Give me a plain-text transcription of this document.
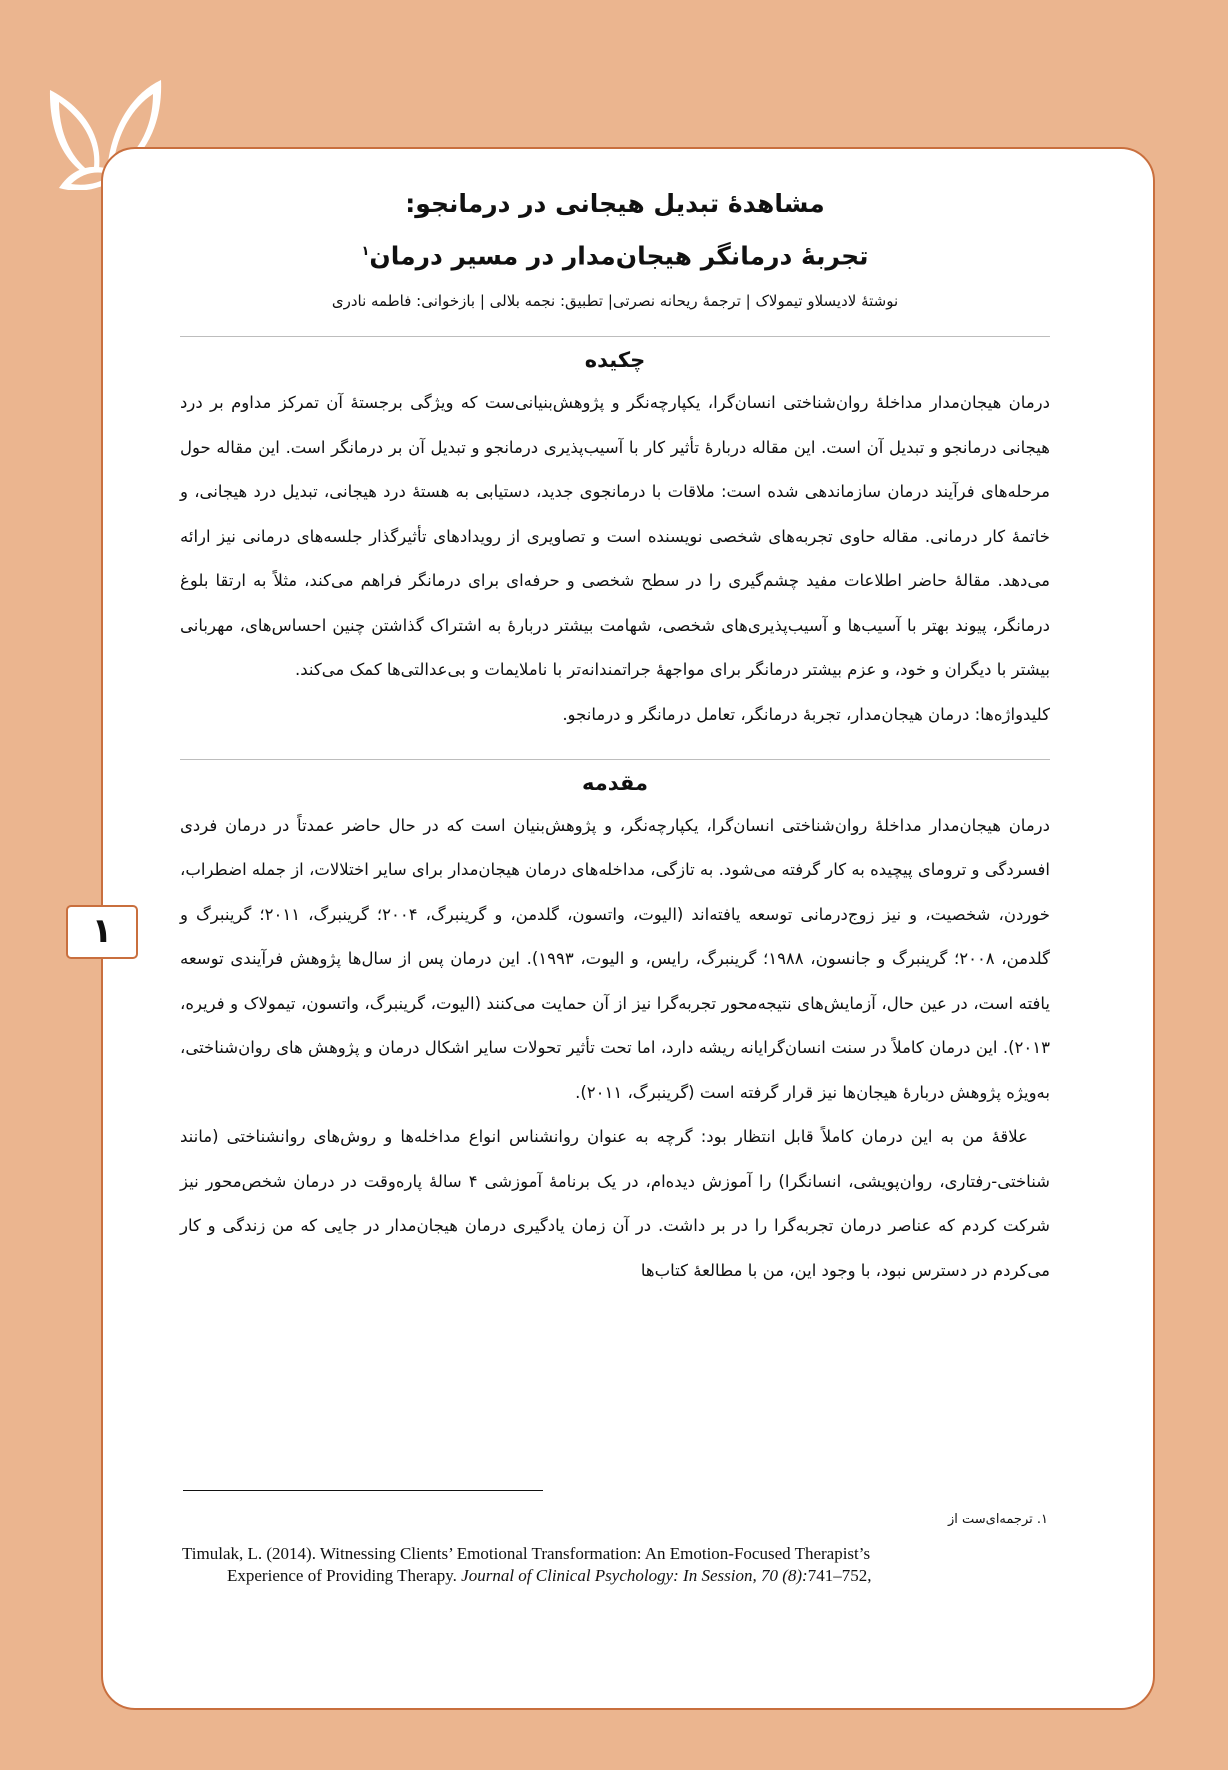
۱
مشاهدۀ تبدیل هیجانی در درمانجو:
تجربۀ درمانگر هیجان‌مدار در مسیر درمان$^۱$

نوشتۀ لادیسلاو تیمولاک | ترجمۀ ریحانه نصرتی| تطبیق: نجمه بلالی | بازخوانی: فاطمه نادری

چکیده

درمان هیجان‌مدار مداخلۀ روان‌شناختی انسان‌گرا، یکپارچه‌نگر و پژوهش‌بنیانی‌ست که ویژگی برجستۀ آن تمرکز مداوم بر درد هیجانی درمانجو و تبدیل آن است. این مقاله دربارۀ تأثیر کار با آسیب‌پذیری درمانجو و تبدیل آن بر درمانگر است. این مقاله حول مرحله‌های فرآیند درمان سازماندهی شده است: ملاقات با درمانجوی جدید، دستیابی به هستۀ درد هیجانی، تبدیل درد هیجانی، و خاتمۀ کار درمانی. مقاله حاوی تجربه‌های شخصی نویسنده است و تصاویری از رویدادهای تأثیرگذار جلسه‌های درمانی نیز ارائه می‌دهد. مقالۀ حاضر اطلاعات مفید چشم‌گیری را در سطح شخصی و حرفه‌ای برای درمانگر فراهم می‌کند، مثلاً به ارتقا بلوغ درمانگر، پیوند بهتر با آسیب‌ها و آسیب‌پذیری‌های شخصی، شهامت بیشتر دربارۀ به اشتراک گذاشتن چنین احساس‌های، مهربانی بیشتر با دیگران و خود، و عزم بیشتر درمانگر برای مواجهۀ جراتمندانه‌تر با ناملایمات و بی‌عدالتی‌ها کمک می‌کند.

کلیدواژه‌ها: درمان هیجان‌مدار، تجربۀ درمانگر، تعامل درمانگر و درمانجو.

مقدمه

درمان هیجان‌مدار مداخلۀ روان‌شناختی انسان‌گرا، یکپارچه‌نگر، و پژوهش‌بنیان است که در حال حاضر عمدتاً در درمان فردی افسردگی و ترومای پیچیده به کار گرفته می‌شود. به تازگی، مداخله‌های درمان هیجان‌مدار برای سایر اختلالات، از جمله اضطراب، خوردن، شخصیت، و نیز زوج‌درمانی توسعه یافته‌اند (الیوت، واتسون، گلدمن، و گرینبرگ، ۲۰۰۴؛ گرینبرگ، ۲۰۱۱؛ گرینبرگ و گلدمن، ۲۰۰۸؛ گرینبرگ و جانسون، ۱۹۸۸؛ گرینبرگ، رایس، و الیوت، ۱۹۹۳). این درمان پس از سال‌ها پژوهش فرآیندی توسعه یافته است، در عین حال، آزمایش‌های نتیجه‌محور تجربه‌گرا نیز از آن حمایت می‌کنند (الیوت، گرینبرگ، واتسون، تیمولاک و فریره، ۲۰۱۳). این درمان کاملاً در سنت انسان‌گرایانه ریشه دارد، اما تحت تأثیر تحولات سایر اشکال درمان و پژوهش های روان‌شناختی، به‌ویژه پژوهش دربارۀ هیجان‌ها نیز قرار گرفته است (گرینبرگ، ۲۰۱۱).

علاقۀ من به این درمان کاملاً قابل انتظار بود: گرچه به عنوان روانشناس انواع مداخله‌ها و روش‌های روانشناختی (مانند شناختی-رفتاری، روان‌پویشی، انسانگرا) را آموزش دیده‌ام، در یک برنامۀ آموزشی ۴ سالۀ پاره‌وقت در درمان شخص‌محور نیز شرکت کردم که عناصر درمان تجربه‌گرا را در بر داشت. در آن زمان یادگیری درمان هیجان‌مدار در جایی که من زندگی و کار می‌کردم در دسترس نبود، با وجود این، من با مطالعۀ کتاب‌ها

۱. ترجمه‌ای‌ست از
Timulak, L. (2014). Witnessing Clients’ Emotional Transformation: An Emotion-Focused Therapist’s
Experience of Providing Therapy. Journal of Clinical Psychology: In Session, 70 (8):741–752,
